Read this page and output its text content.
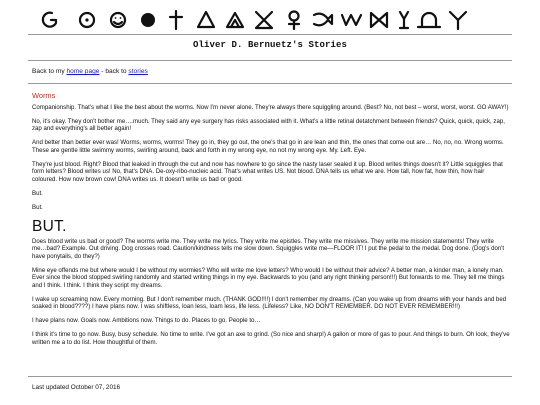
Oliver D. Bernuetz's Stories
Back to my home page - back to stories
Worms

Companionship. That's what I like the best about the worms. Now I'm never alone. They're always there squiggling around. (Best? No, not best – worst, worst, worst. GO AWAY!)

No, it's okay. They don't bother me….much. They said any eye surgery has risks associated with it. What's a little retinal detatchment between friends? Quick, quick, quick, zap, zap and everything's all better again!

And better than better ever was! Worms, worms, worms! They go in, they go out, the one's that go in are lean and thin, the ones that come out are… No, no, no. Wrong worms. These are gentle little swimmy worms, swirling around, back and forth in my wrong eye, no not my wrong eye. My. Left. Eye.

They're just blood. Right? Blood that leaked in through the cut and now has nowhere to go since the nasty laser sealed it up. Blood writes things doesn't it? Little squiggles that form letters? Blood writes us! No, that's DNA. De-oxy-ribo-nucleic acid. That's what writes US. Not blood. DNA tells us what we are. How tall, how fat, how thin, how hair coloured. How now brown cow! DNA writes us. It doesn't write us bad or good.

But.

But.

BUT.

Does blood write us bad or good? The worms write me. They write me lyrics. They write me epistles. They write me missives. They write me mission statements! They write me…bad? Example. Out driving. Dog crosses road. Caution/kindness tells me slow down. Squiggles write me—FLOOR IT! I put the pedal to the medal. Dog done. (Dog's don't have ponytails, do they?)

Mine eye offends me but where would I be without my wormies? Who will write me love letters? Who would I be without their advice? A better man, a kinder man, a lonely man. Ever since the blood stopped swirling randomly and started writing things in my eye. Backwards to you (and any right thinking person!!!) But forwards to me. They tell me things and I think. I think. I think they script my dreams.

I wake up screaming now. Every morning. But I don't remember much. (THANK GOD!!!!) I don't remember my dreams. (Can you wake up from dreams with your hands and bed soaked in blood????) I have plans now. I was shiftless, loan less, loam less, life less. (Lifeless? Like, NO DON'T REMEMBER. DO NOT EVER REMEMBER!!!)

I have plans now. Goals now. Ambitions now. Things to do. Places to go. People to…

I think it's time to go now. Busy, busy schedule. No time to write. I've got an axe to grind. (So nice and sharp!) A gallon or more of gas to pour. And things to burn. Oh look, they've written me a to do list. How thoughtful of them.

Last updated October 07, 2016
